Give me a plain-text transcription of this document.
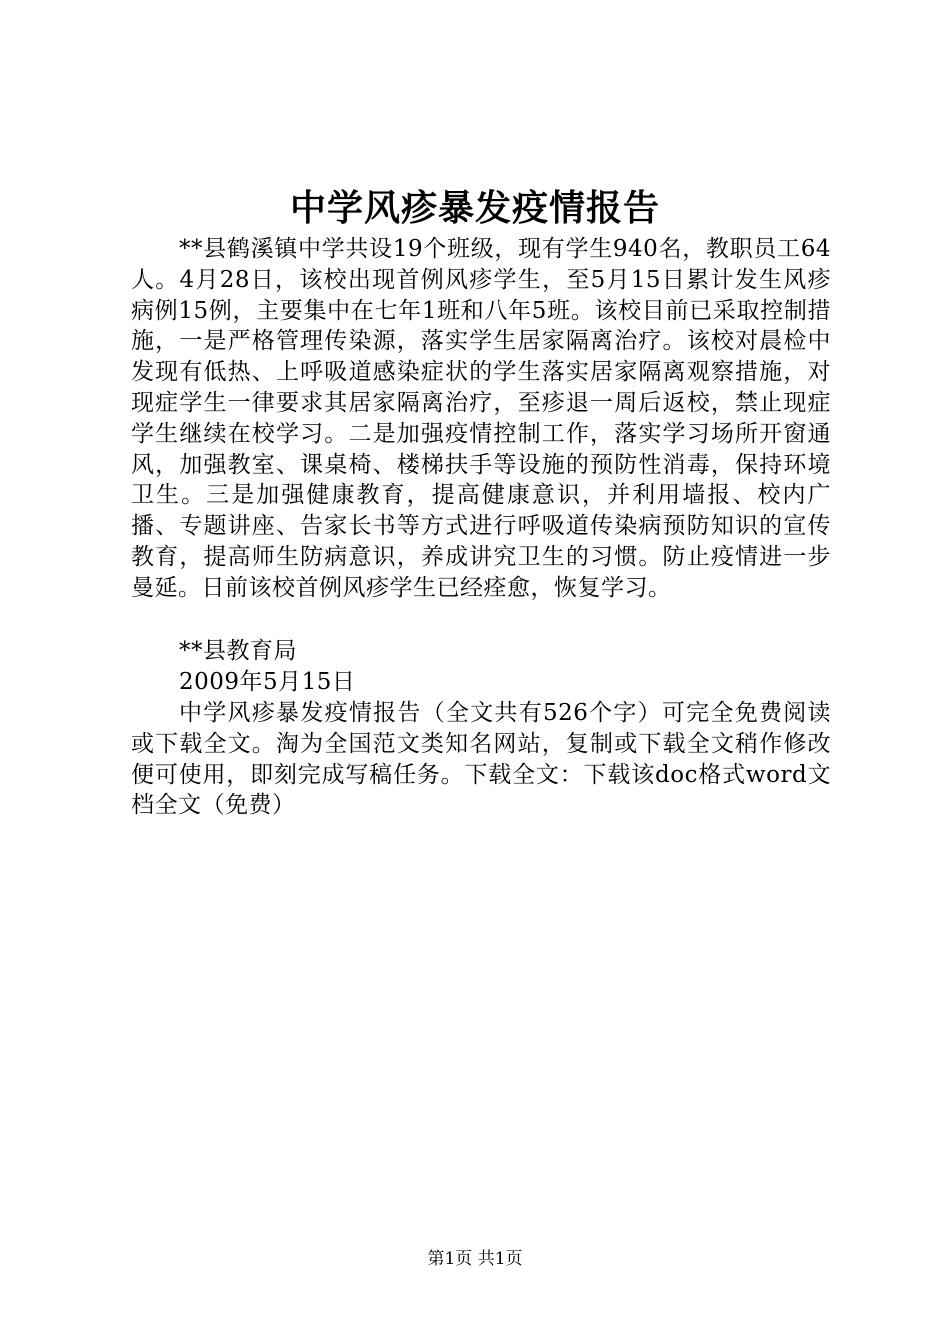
中学风疹暴发疫情报告

**县鹤溪镇中学共设19个班级，现有学生940名，教职员工64人。4月28日，该校出现首例风疹学生，至5月15日累计发生风疹病例15例，主要集中在七年1班和八年5班。该校目前已采取控制措施，一是严格管理传染源，落实学生居家隔离治疗。该校对晨检中发现有低热、上呼吸道感染症状的学生落实居家隔离观察措施，对现症学生一律要求其居家隔离治疗，至疹退一周后返校，禁止现症学生继续在校学习。二是加强疫情控制工作，落实学习场所开窗通风，加强教室、课桌椅、楼梯扶手等设施的预防性消毒，保持环境卫生。三是加强健康教育，提高健康意识，并利用墙报、校内广播、专题讲座、告家长书等方式进行呼吸道传染病预防知识的宣传教育，提高师生防病意识，养成讲究卫生的习惯。防止疫情进一步曼延。日前该校首例风疹学生已经痊愈，恢复学习。

**县教育局

2009年5月15日

中学风疹暴发疫情报告（全文共有526个字）可完全免费阅读或下载全文。淘为全国范文类知名网站，复制或下载全文稍作修改便可使用，即刻完成写稿任务。下载全文：下载该doc格式word文档全文（免费）

第1页 共1页
